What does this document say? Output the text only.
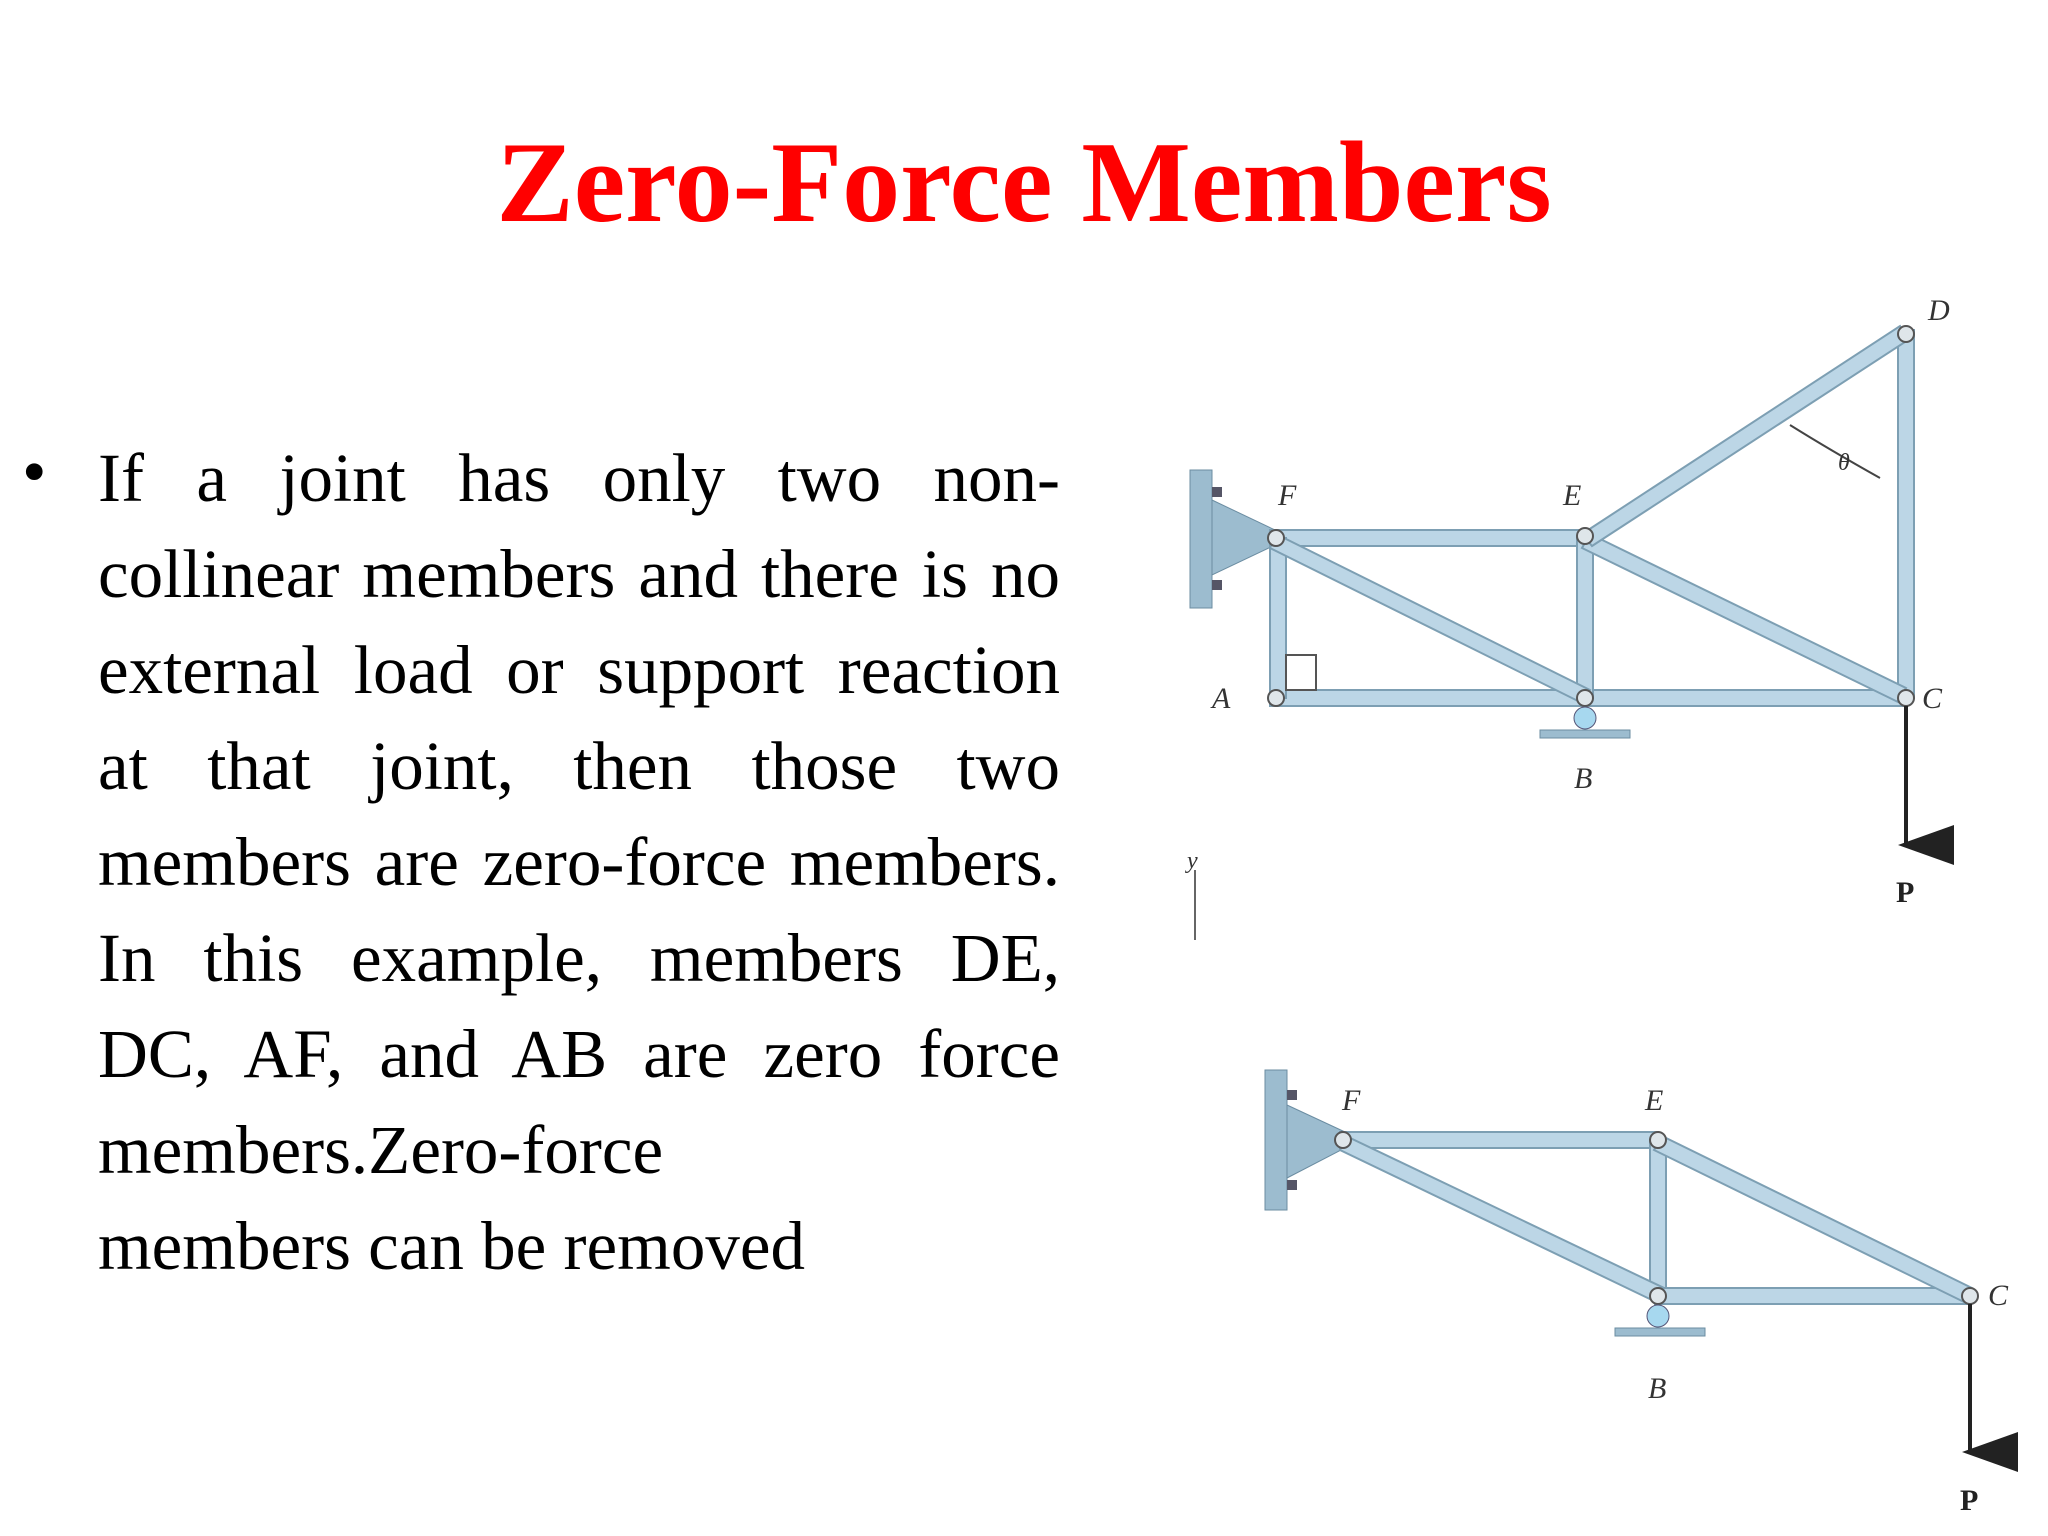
Zero-Force Members
• If a joint has only two non-collinear members and there is no external load or support reaction at that joint, then those two members are zero-force members. In this example, members DE, DC, AF, and AB are zero force members.Zero-force
members can be removed

F	E
D
A
B
C
P
θ
y
F	E
B
C
P
